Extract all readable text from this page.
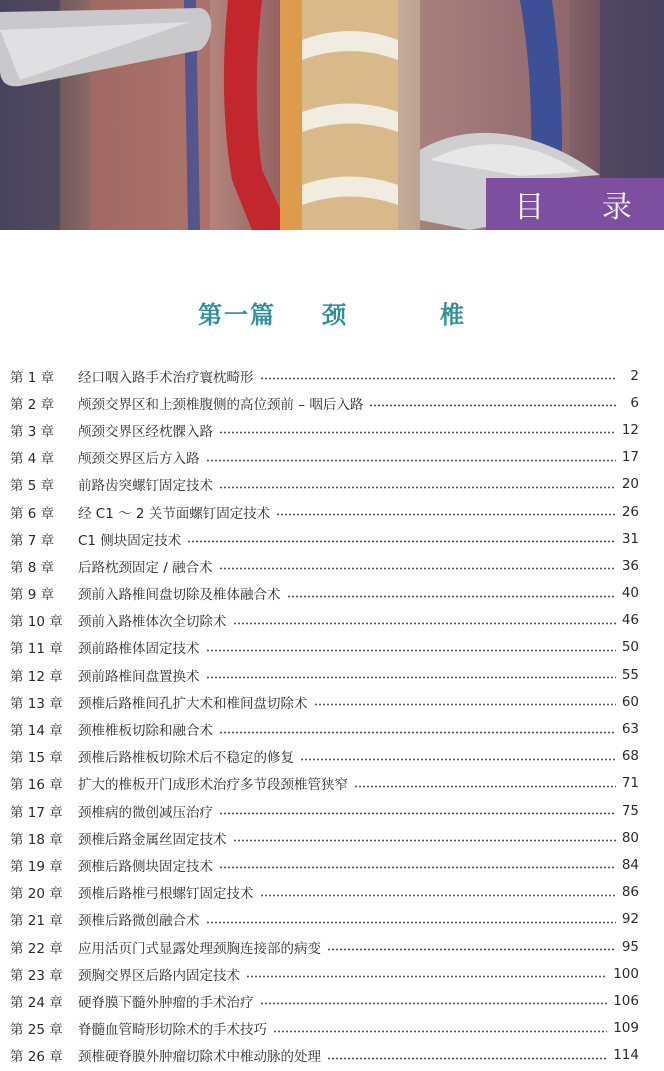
目 录
第一篇 颈	椎
第 1 章	经口咽入路手术治疗寰枕畸形	2
第 2 章	颅颈交界区和上颈椎腹侧的高位颈前 – 咽后入路	6
第 3 章	颅颈交界区经枕髁入路	12
第 4 章	颅颈交界区后方入路	17
第 5 章	前路齿突螺钉固定技术	20
第 6 章	经 C1 ～ 2 关节面螺钉固定技术	26
第 7 章	C1 侧块固定技术	31
第 8 章	后路枕颈固定 / 融合术	36
第 9 章	颈前入路椎间盘切除及椎体融合术	40
第 10 章	颈前入路椎体次全切除术	46
第 11 章	颈前路椎体固定技术	50
第 12 章	颈前路椎间盘置换术	55
第 13 章	颈椎后路椎间孔扩大术和椎间盘切除术	60
第 14 章	颈椎椎板切除和融合术	63
第 15 章	颈椎后路椎板切除术后不稳定的修复	68
第 16 章	扩大的椎板开门成形术治疗多节段颈椎管狭窄	71
第 17 章	颈椎病的微创减压治疗	75
第 18 章	颈椎后路金属丝固定技术	80
第 19 章	颈椎后路侧块固定技术	84
第 20 章	颈椎后路椎弓根螺钉固定技术	86
第 21 章	颈椎后路微创融合术	92
第 22 章	应用活页门式显露处理颈胸连接部的病变	95
第 23 章	颈胸交界区后路内固定技术	100
第 24 章	硬脊膜下髓外肿瘤的手术治疗	106
第 25 章	脊髓血管畸形切除术的手术技巧	109
第 26 章	颈椎硬脊膜外肿瘤切除术中椎动脉的处理	114
